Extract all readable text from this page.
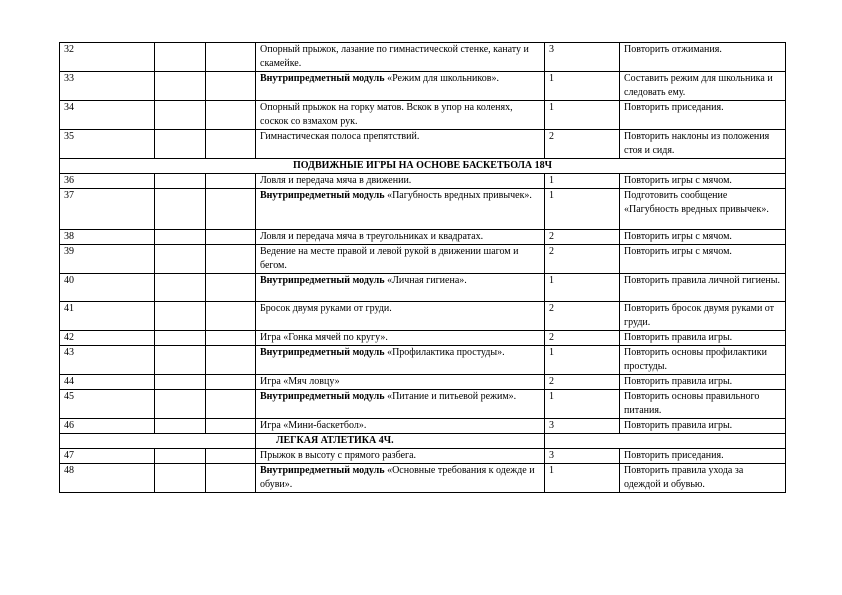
32			Опорный прыжок, лазание по гимнастической стенке, канату и скамейке.	3	Повторить отжимания.
33			Внутрипредметный модуль «Режим для школьников».	1	Составить режим для школьника и следовать ему.
34			Опорный прыжок на горку матов. Вскок в упор на коленях, соскок со взмахом рук.	1	Повторить приседания.
35			Гимнастическая полоса препятствий.	2	Повторить наклоны из положения стоя и сидя.
ПОДВИЖНЫЕ ИГРЫ НА ОСНОВЕ БАСКЕТБОЛА 18Ч					
36			Ловля и передача мяча в движении.	1	Повторить игры с мячом.
37			Внутрипредметный модуль «Пагубность вредных привычек».	1	Подготовить сообщение «Пагубность вредных привычек».
38			Ловля и передача мяча в треугольниках и квадратах.	2	Повторить игры с мячом.
39			Ведение на месте правой и левой рукой в движении шагом и бегом.	2	Повторить игры с мячом.
40			Внутрипредметный модуль «Личная гигиена».	1	Повторить правила личной гигиены.
41			Бросок двумя руками от груди.	2	Повторить бросок двумя руками от груди.
42			Игра «Гонка мячей по кругу».	2	Повторить правила игры.
43			Внутрипредметный модуль «Профилактика простуды».	1	Повторить основы профилактики простуды.
44			Игра «Мяч ловцу»	2	Повторить правила игры.
45			Внутрипредметный модуль «Питание и питьевой режим».	1	Повторить основы правильного питания.
46			Игра «Мини-баскетбол».	3	Повторить правила игры.
			ЛЕГКАЯ АТЛЕТИКА 4Ч.		
47			Прыжок в высоту с прямого разбега.	3	Повторить приседания.
48			Внутрипредметный модуль «Основные требования к одежде и обуви».	1	Повторить правила ухода за одеждой и обувью.
